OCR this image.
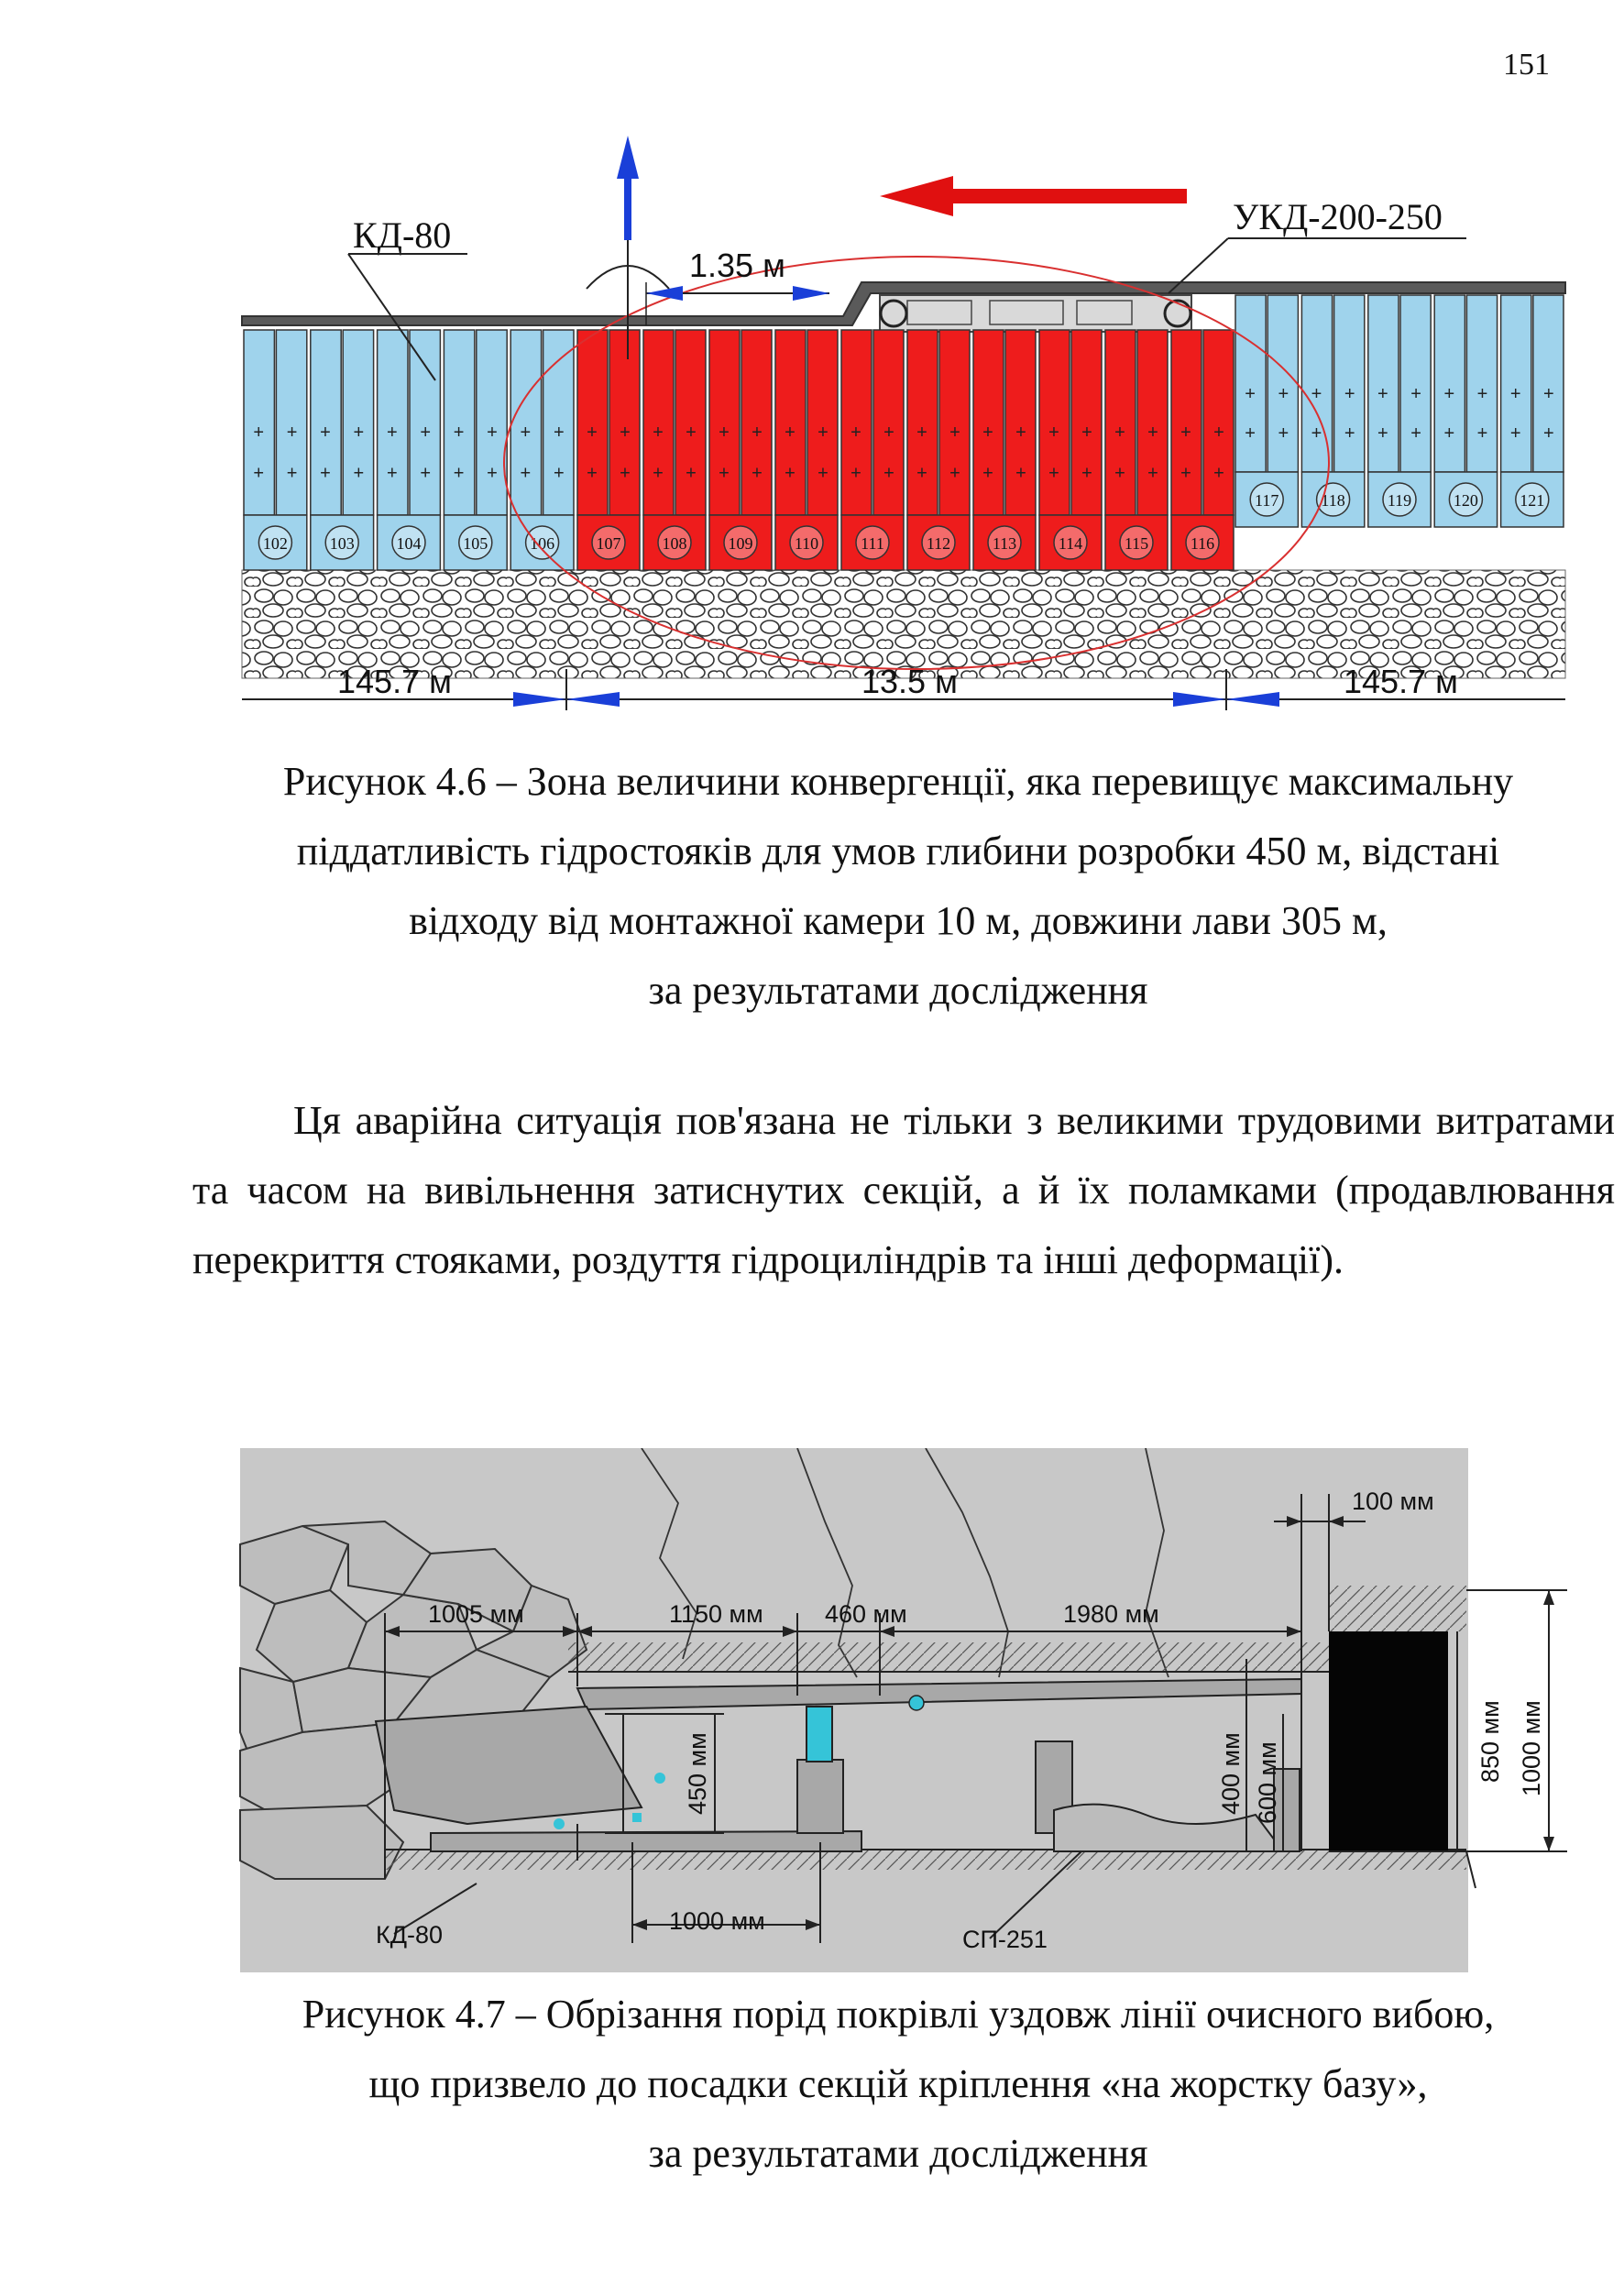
151
+ +
+ +
102
+ +
+ +
103
+ +
+ +
104
+ +
+ +
105
+ +
+ +
106
+ +
+ +
107
+ +
+ +
108
+ +
+ +
109
+ +
+ +
110
+ +
+ +
111
+ +
+ +
112
+ +
+ +
113
+ +
+ +
114
+ +
+ +
115
+ +
+ +
116
+ +
+ +
117
+ +
+ +
118
+ +
+ +
119
+ +
+ +
120
+ +
+ +
121
1.35 м
КД-80	УКД-200-250
145.7 м	13.5 м	145.7 м
Рисунок 4.6 – Зона величини конвергенції, яка перевищує максимальну
піддатливість гідростояків для умов глибини розробки 450 м, відстані
відходу від монтажної камери 10 м, довжини лави 305 м,
за результатами дослідження

Ця аварійна ситуація пов'язана не тільки з великими трудовими витратами та часом на вивільнення затиснутих секцій, а й їх поламками (продавлювання перекриття стояками, роздуття гідроциліндрів та інші деформації).

100 мм
1005 мм	1150 мм 460 мм	1980 мм
1000 мм
КД-80	СП-251
450 мм	400 мм 600 мм
850 мм 1000 мм
Рисунок 4.7 – Обрізання порід покрівлі уздовж лінії очисного вибою,
що призвело до посадки секцій кріплення «на жорстку базу»,
за результатами дослідження
